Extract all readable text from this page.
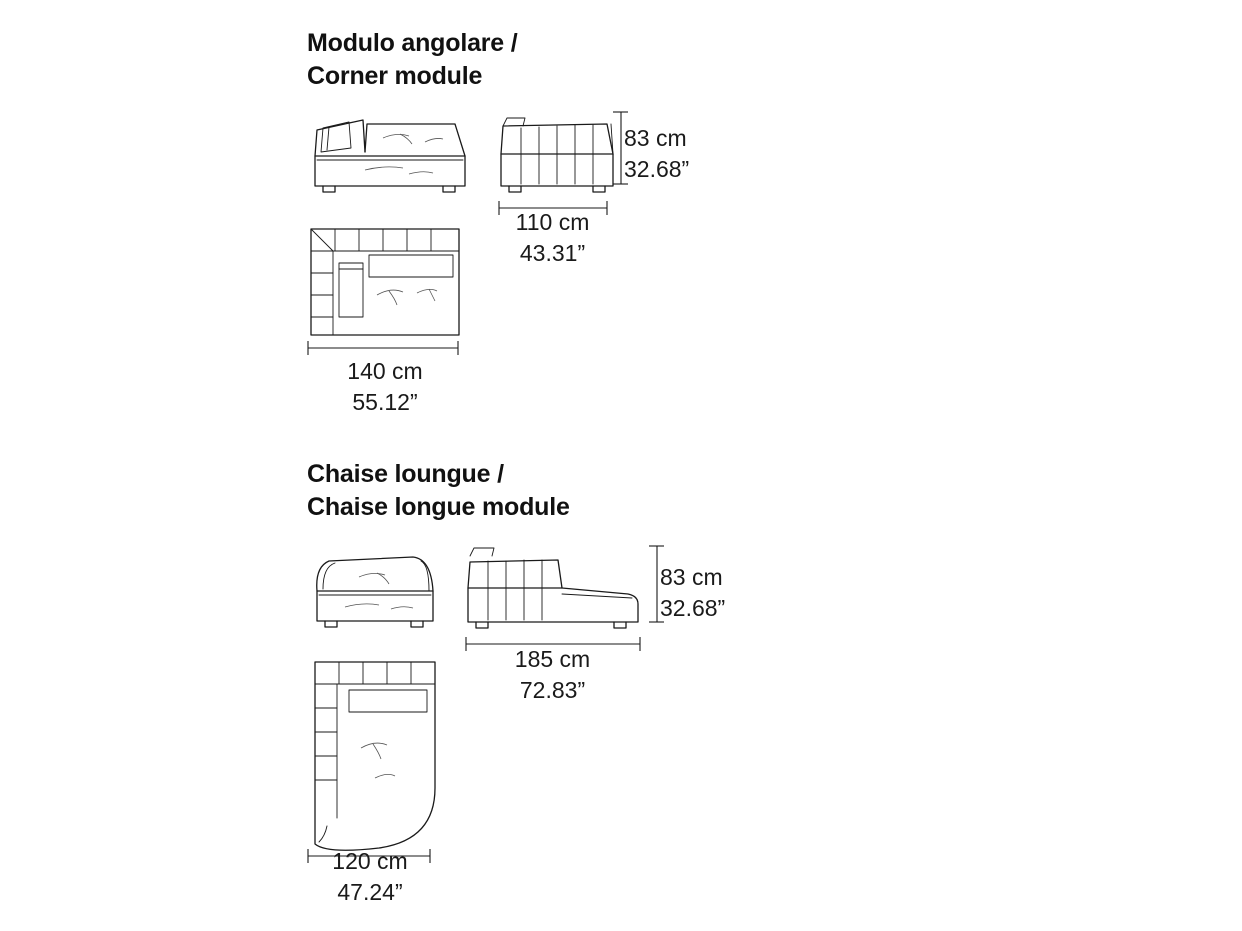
Modulo angolare /
Corner module
83 cm
32.68”
110 cm
43.31”
140 cm
55.12”
Chaise loungue /
Chaise longue module
83 cm
32.68”
185 cm
72.83”
120 cm
47.24”
